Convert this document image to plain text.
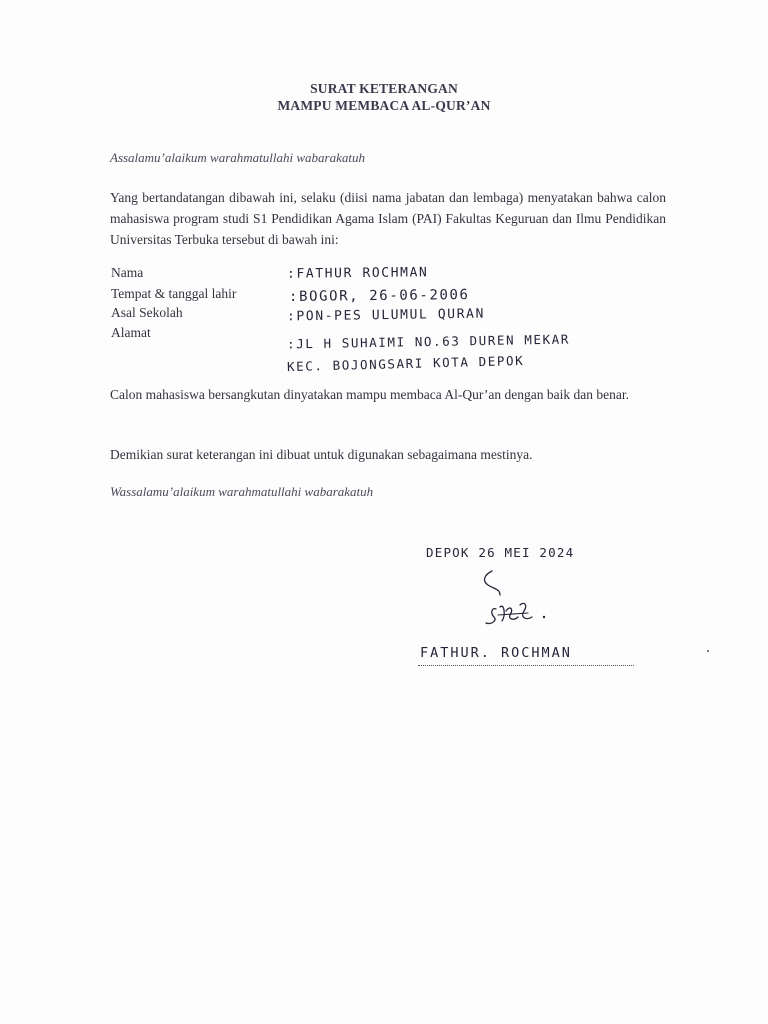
SURAT KETERANGAN
MAMPU MEMBACA AL-QUR’AN
Assalamu’alaikum warahmatullahi wabarakatuh
Yang bertandatangan dibawah ini, selaku (diisi nama jabatan dan lembaga) menyatakan bahwa calon mahasiswa program studi S1 Pendidikan Agama Islam (PAI) Fakultas Keguruan dan Ilmu Pendidikan Universitas Terbuka tersebut di bawah ini:
Nama	:FATHUR ROCHMAN
Tempat & tanggal lahir	:BOGOR, 26-06-2006
Asal Sekolah	:PON-PES ULUMUL QURAN
Alamat	:JL H SUHAIMI NO.63 DUREN MEKAR
KEC. BOJONGSARI KOTA DEPOK
Calon mahasiswa bersangkutan dinyatakan mampu membaca Al-Qur’an dengan baik dan benar.
Demikian surat keterangan ini dibuat untuk digunakan sebagaimana mestinya.
Wassalamu’alaikum warahmatullahi wabarakatuh
DEPOK 26 MEI 2024
FATHUR. ROCHMAN
